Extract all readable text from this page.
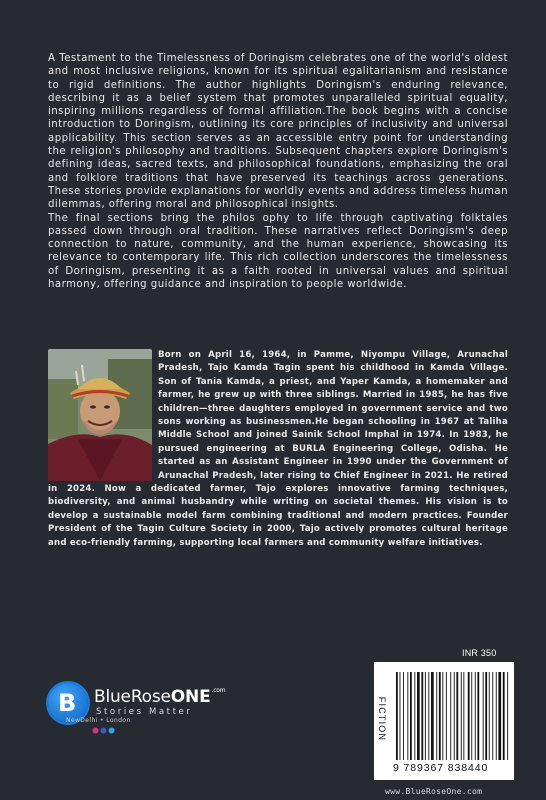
A Testament to the Timelessness of Doringism celebrates one of the world's oldest and most inclusive religions, known for its spiritual egalitarianism and resistance to rigid definitions. The author highlights Doringism's enduring relevance, describing it as a belief system that promotes unparalleled spiritual equality, inspiring millions regardless of formal affiliation.The book begins with a concise introduction to Doringism, outlining its core principles of inclusivity and universal applicability. This section serves as an accessible entry point for understanding the religion's philosophy and traditions. Subsequent chapters explore Doringism's defining ideas, sacred texts, and philosophical foundations, emphasizing the oral and folklore traditions that have preserved its teachings across generations. These stories provide explanations for worldly events and address timeless human dilemmas, offering moral and philosophical insights.

The final sections bring the philos ophy to life through captivating folktales passed down through oral tradition. These narratives reflect Doringism's deep connection to nature, community, and the human experience, showcasing its relevance to contemporary life. This rich collection underscores the timelessness of Doringism, presenting it as a faith rooted in universal values and spiritual harmony, offering guidance and inspiration to people worldwide.

Born on April 16, 1964, in Pamme, Niyompu Village, Arunachal Pradesh, Tajo Kamda Tagin spent his childhood in Kamda Village. Son of Tania Kamda, a priest, and Yaper Kamda, a homemaker and farmer, he grew up with three siblings. Married in 1985, he has five children—three daughters employed in government service and two sons working as businessmen.He began schooling in 1967 at Taliha Middle School and joined Sainik School Imphal in 1974. In 1983, he pursued engineering at BURLA Engineering College, Odisha. He started as an Assistant Engineer in 1990 under the Government of Arunachal Pradesh, later rising to Chief Engineer in 2021. He retired in 2024. Now a dedicated farmer, Tajo explores innovative farming techniques, biodiversity, and animal husbandry while writing on societal themes. His vision is to develop a sustainable model farm combining traditional and modern practices. Founder President of the Tagin Culture Society in 2000, Tajo actively promotes cultural heritage and eco-friendly farming, supporting local farmers and community welfare initiatives.

B BlueRoseONE$^{.com}$
Stories Matter
NewDelhi • London
INR 350
FICTION
9 789367 838440
www.BlueRoseOne.com
